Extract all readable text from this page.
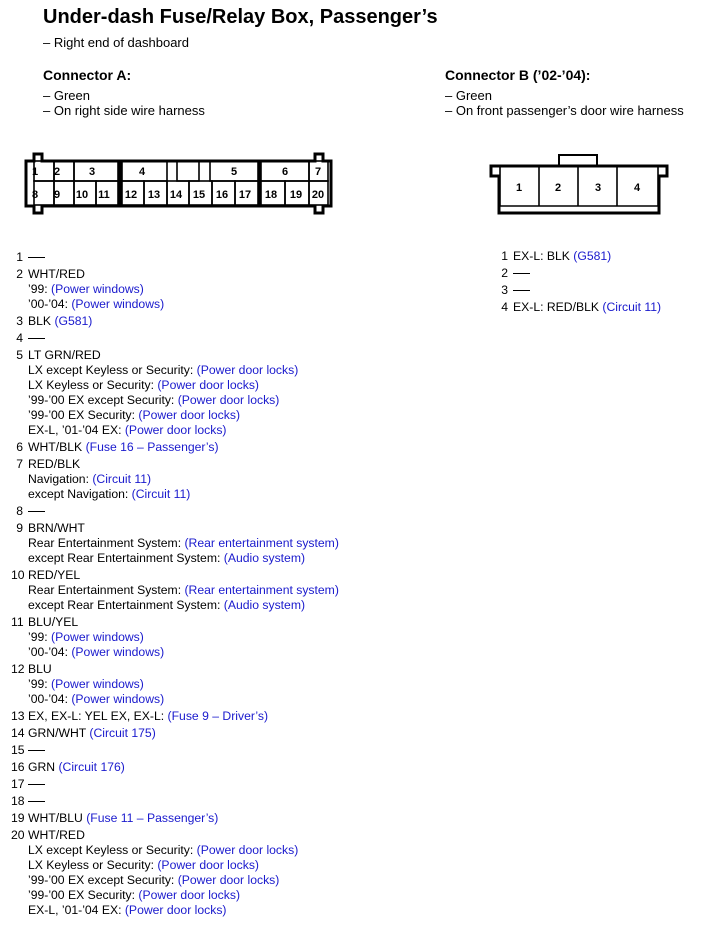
Under-dash Fuse/Relay Box, Passenger’s
– Right end of dashboard
Connector A:
– Green
– On right side wire harness
Connector B (’02-’04):
– Green
– On front passenger’s door wire harness
1 2	3	4	5	6 7
8 9 10 11 12 13 14 15 16 17 18 19 20
1	2	3	4
1
2 WHT/RED
’99: (Power windows)
’00-’04: (Power windows)
3 BLK (G581)
4
5 LT GRN/RED
LX except Keyless or Security: (Power door locks)
LX Keyless or Security: (Power door locks)
’99-’00 EX except Security: (Power door locks)
’99-’00 EX Security: (Power door locks)
EX-L, ’01-’04 EX: (Power door locks)
6 WHT/BLK (Fuse 16 – Passenger’s)
7 RED/BLK
Navigation: (Circuit 11)
except Navigation: (Circuit 11)
8
9 BRN/WHT
Rear Entertainment System: (Rear entertainment system)
except Rear Entertainment System: (Audio system)
10 RED/YEL
Rear Entertainment System: (Rear entertainment system)
except Rear Entertainment System: (Audio system)
11 BLU/YEL
’99: (Power windows)
’00-’04: (Power windows)
12 BLU
’99: (Power windows)
’00-’04: (Power windows)
13 EX, EX-L: YEL EX, EX-L: (Fuse 9 – Driver’s)
14 GRN/WHT (Circuit 175)
15
16 GRN (Circuit 176)
17
18
19 WHT/BLU (Fuse 11 – Passenger’s)
20 WHT/RED
LX except Keyless or Security: (Power door locks)
LX Keyless or Security: (Power door locks)
’99-’00 EX except Security: (Power door locks)
’99-’00 EX Security: (Power door locks)
EX-L, ’01-’04 EX: (Power door locks)
1 EX-L: BLK (G581)
2
3
4 EX-L: RED/BLK (Circuit 11)
